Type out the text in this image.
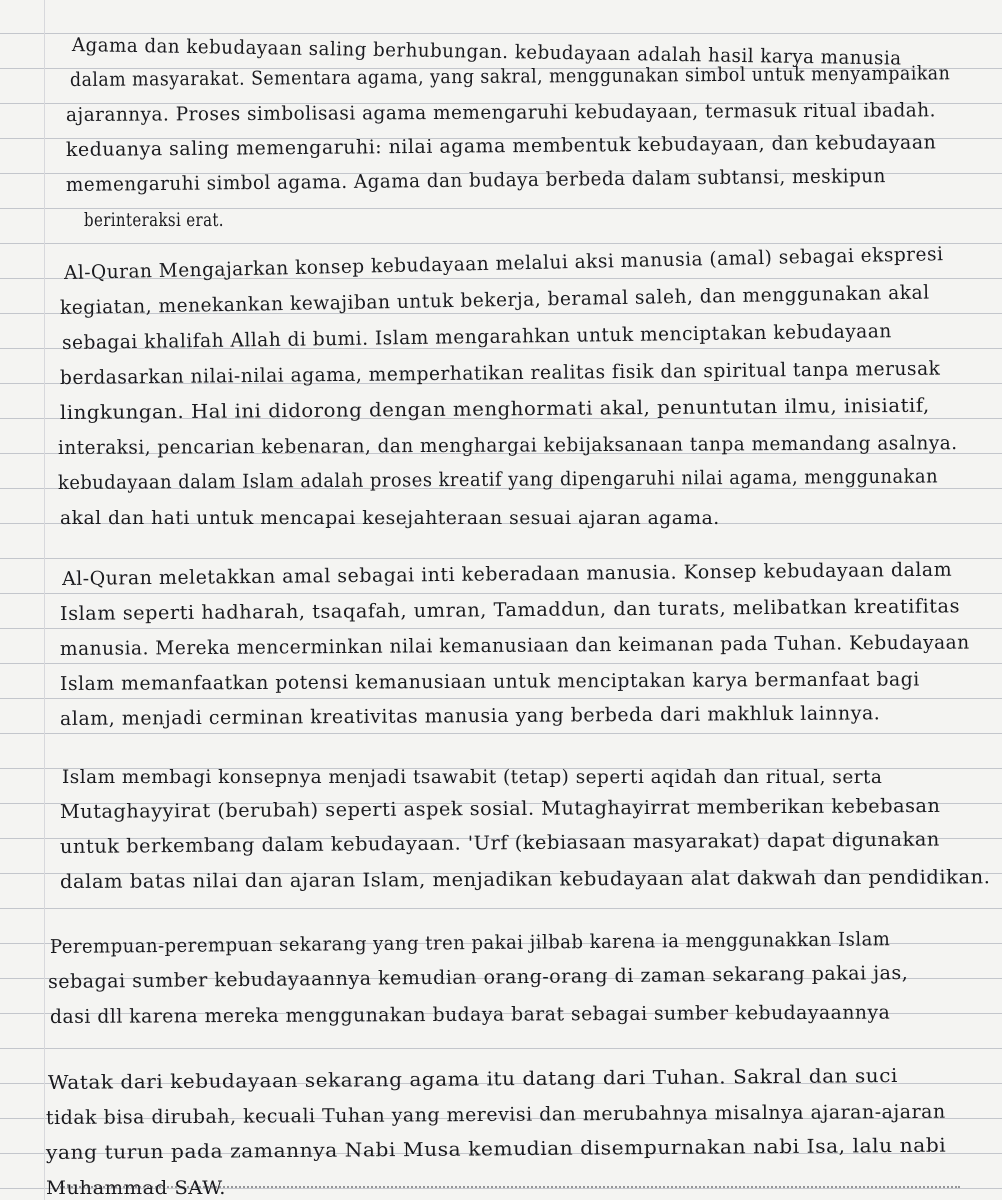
Agama dan kebudayaan saling berhubungan. kebudayaan adalah hasil karya manusia
dalam masyarakat. Sementara agama, yang sakral, menggunakan simbol untuk menyampaikan
ajarannya. Proses simbolisasi agama memengaruhi kebudayaan, termasuk ritual ibadah.
keduanya saling memengaruhi: nilai agama membentuk kebudayaan, dan kebudayaan
memengaruhi simbol agama. Agama dan budaya berbeda dalam subtansi, meskipun
berinteraksi erat.
Al-Quran Mengajarkan konsep kebudayaan melalui aksi manusia (amal) sebagai ekspresi
kegiatan, menekankan kewajiban untuk bekerja, beramal saleh, dan menggunakan akal
sebagai khalifah Allah di bumi. Islam mengarahkan untuk menciptakan kebudayaan
berdasarkan nilai-nilai agama, memperhatikan realitas fisik dan spiritual tanpa merusak
lingkungan. Hal ini didorong dengan menghormati akal, penuntutan ilmu, inisiatif,
interaksi, pencarian kebenaran, dan menghargai kebijaksanaan tanpa memandang asalnya.
kebudayaan dalam Islam adalah proses kreatif yang dipengaruhi nilai agama, menggunakan
akal dan hati untuk mencapai kesejahteraan sesuai ajaran agama.
Al-Quran meletakkan amal sebagai inti keberadaan manusia. Konsep kebudayaan dalam
Islam seperti hadharah, tsaqafah, umran, Tamaddun, dan turats, melibatkan kreatifitas
manusia. Mereka mencerminkan nilai kemanusiaan dan keimanan pada Tuhan. Kebudayaan
Islam memanfaatkan potensi kemanusiaan untuk menciptakan karya bermanfaat bagi
alam, menjadi cerminan kreativitas manusia yang berbeda dari makhluk lainnya.
Islam membagi konsepnya menjadi tsawabit (tetap) seperti aqidah dan ritual, serta
Mutaghayyirat (berubah) seperti aspek sosial. Mutaghayirrat memberikan kebebasan
untuk berkembang dalam kebudayaan. 'Urf (kebiasaan masyarakat) dapat digunakan
dalam batas nilai dan ajaran Islam, menjadikan kebudayaan alat dakwah dan pendidikan.
Perempuan-perempuan sekarang yang tren pakai jilbab karena ia menggunakkan Islam
sebagai sumber kebudayaannya kemudian orang-orang di zaman sekarang pakai jas,
dasi dll karena mereka menggunakan budaya barat sebagai sumber kebudayaannya
Watak dari kebudayaan sekarang agama itu datang dari Tuhan. Sakral dan suci
tidak bisa dirubah, kecuali Tuhan yang merevisi dan merubahnya misalnya ajaran-ajaran
yang turun pada zamannya Nabi Musa kemudian disempurnakan nabi Isa, lalu nabi
Muhammad SAW.
